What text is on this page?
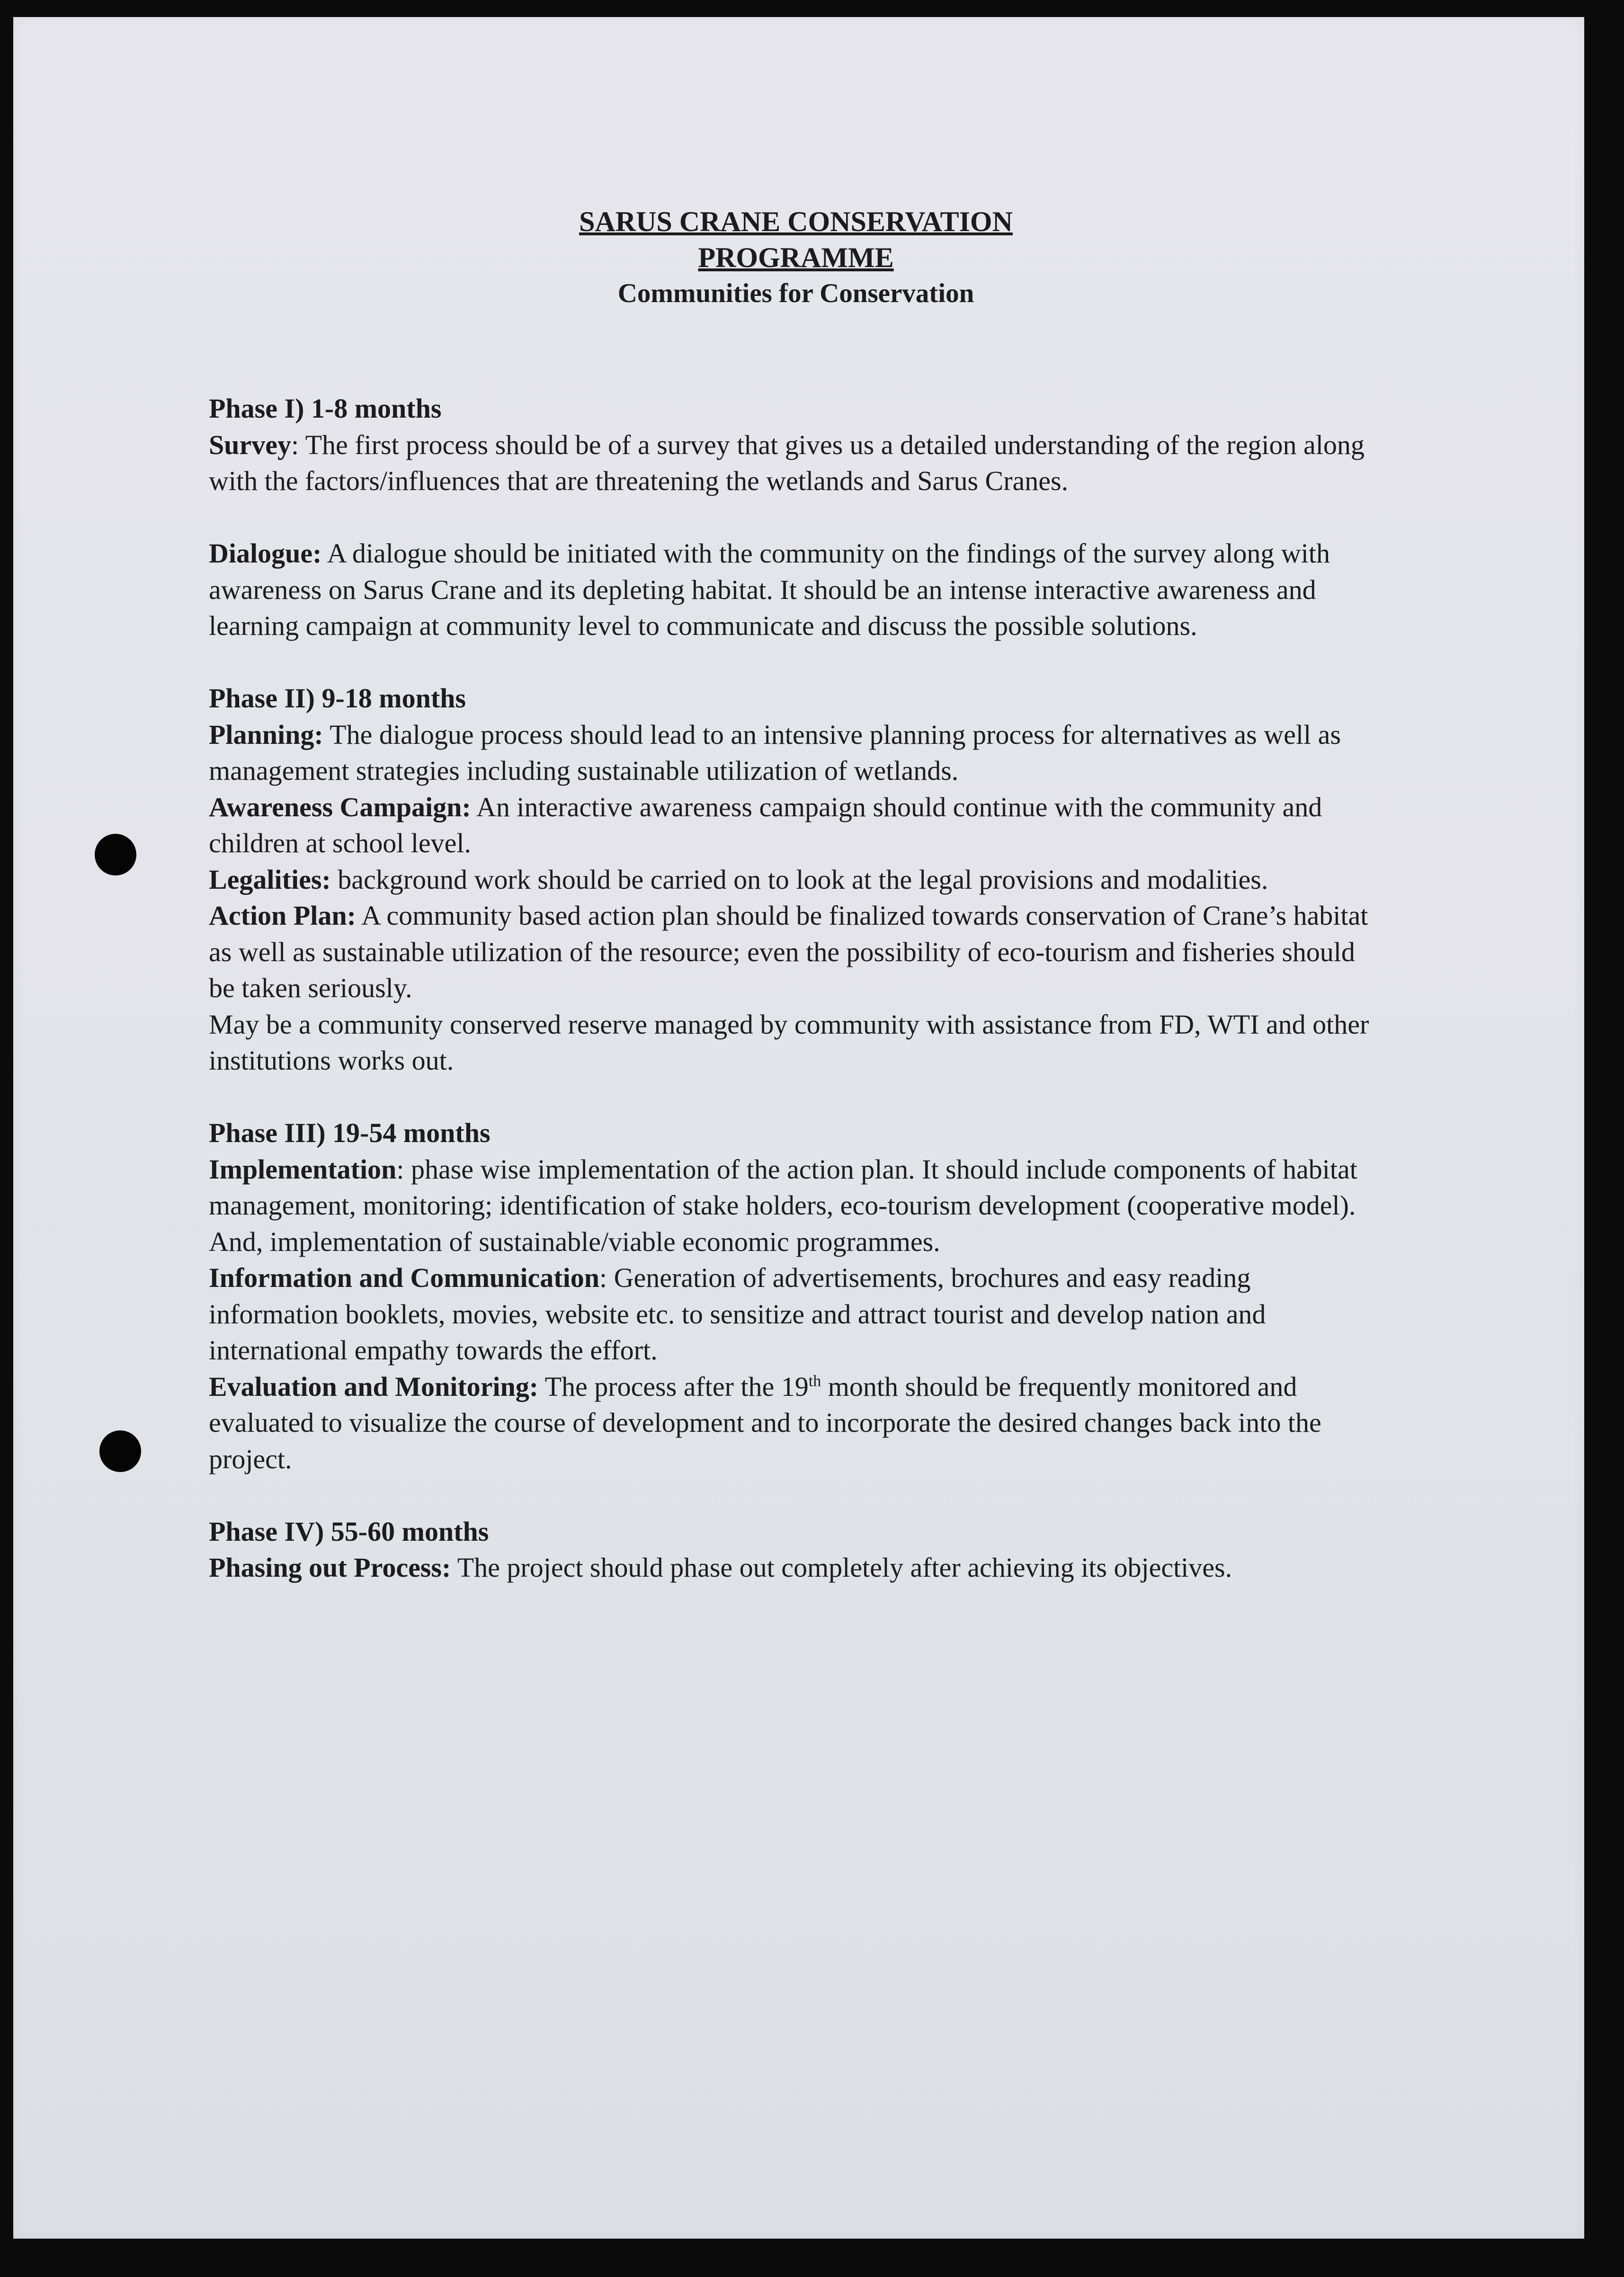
SARUS CRANE CONSERVATION
PROGRAMME
Communities for Conservation
Phase I) 1-8 months
Survey: The first process should be of a survey that gives us a detailed understanding of the region along with the factors/influences that are threatening the wetlands and Sarus Cranes.
Dialogue: A dialogue should be initiated with the community on the findings of the survey along with awareness on Sarus Crane and its depleting habitat. It should be an intense interactive awareness and learning campaign at community level to communicate and discuss the possible solutions.
Phase II) 9-18 months
Planning: The dialogue process should lead to an intensive planning process for alternatives as well as management strategies including sustainable utilization of wetlands.
Awareness Campaign: An interactive awareness campaign should continue with the community and children at school level.
Legalities: background work should be carried on to look at the legal provisions and modalities.
Action Plan: A community based action plan should be finalized towards conservation of Crane’s habitat as well as sustainable utilization of the resource; even the possibility of eco-tourism and fisheries should be taken seriously.
May be a community conserved reserve managed by community with assistance from FD, WTI and other institutions works out.
Phase III) 19-54 months
Implementation: phase wise implementation of the action plan. It should include components of habitat management, monitoring; identification of stake holders, eco-tourism development (cooperative model). And, implementation of sustainable/viable economic programmes.
Information and Communication: Generation of advertisements, brochures and easy reading information booklets, movies, website etc. to sensitize and attract tourist and develop nation and international empathy towards the effort.
Evaluation and Monitoring: The process after the 19th month should be frequently monitored and evaluated to visualize the course of development and to incorporate the desired changes back into the project.
Phase IV) 55-60 months
Phasing out Process: The project should phase out completely after achieving its objectives.
